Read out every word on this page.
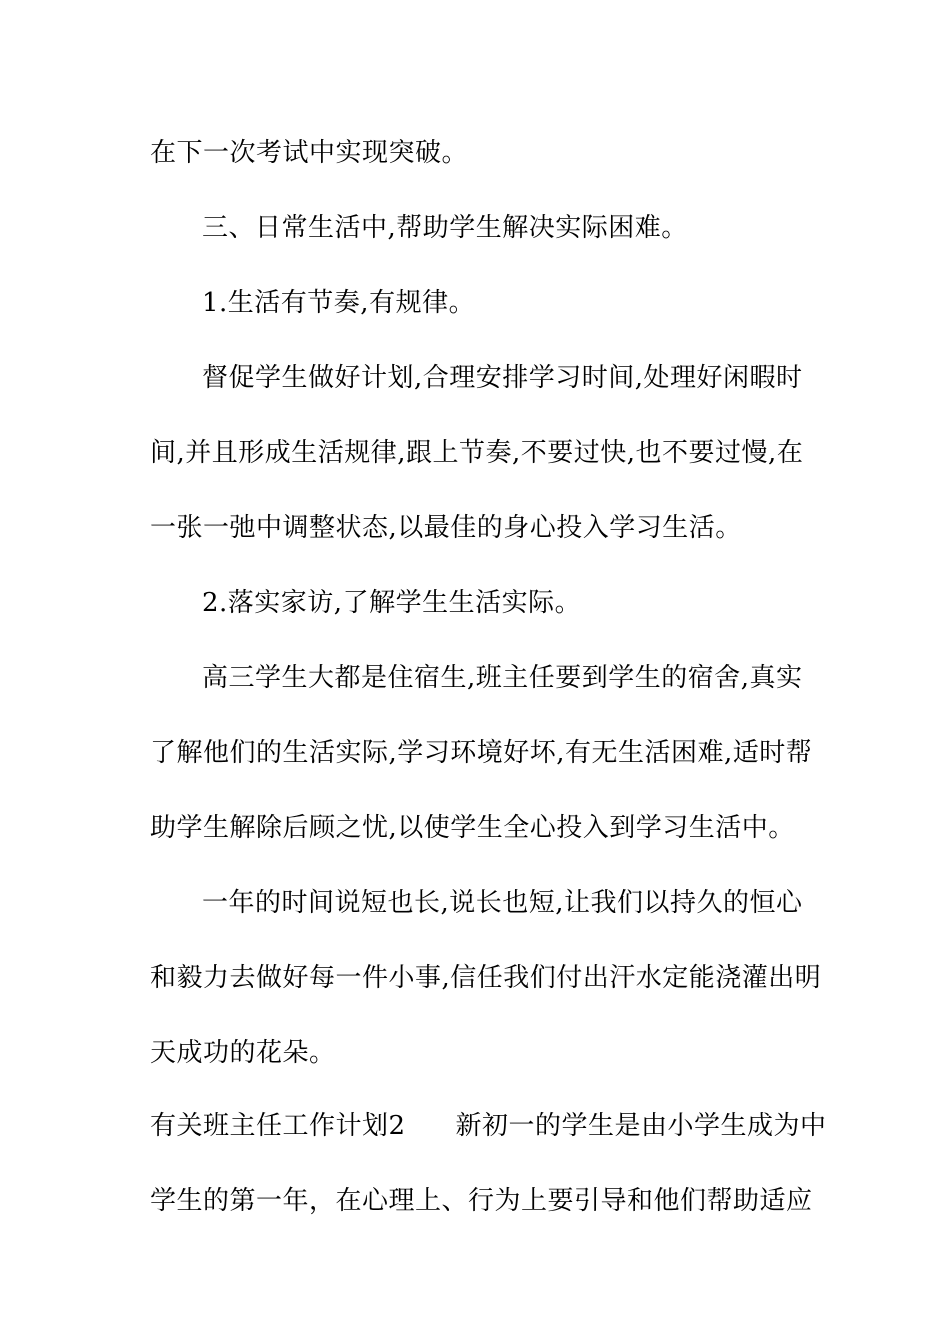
在下一次考试中实现突破。
三、日常生活中,帮助学生解决实际困难。
1.生活有节奏,有规律。
督促学生做好计划,合理安排学习时间,处理好闲暇时
间,并且形成生活规律,跟上节奏,不要过快,也不要过慢,在
一张一弛中调整状态,以最佳的身心投入学习生活。
2.落实家访,了解学生生活实际。
高三学生大都是住宿生,班主任要到学生的宿舍,真实
了解他们的生活实际,学习环境好坏,有无生活困难,适时帮
助学生解除后顾之忧,以使学生全心投入到学习生活中。
一年的时间说短也长,说长也短,让我们以持久的恒心
和毅力去做好每一件小事,信任我们付出汗水定能浇灌出明
天成功的花朵。
有关班主任工作计划2 新初一的学生是由小学生成为中
学生的第一年，在心理上、行为上要引导和他们帮助适应
